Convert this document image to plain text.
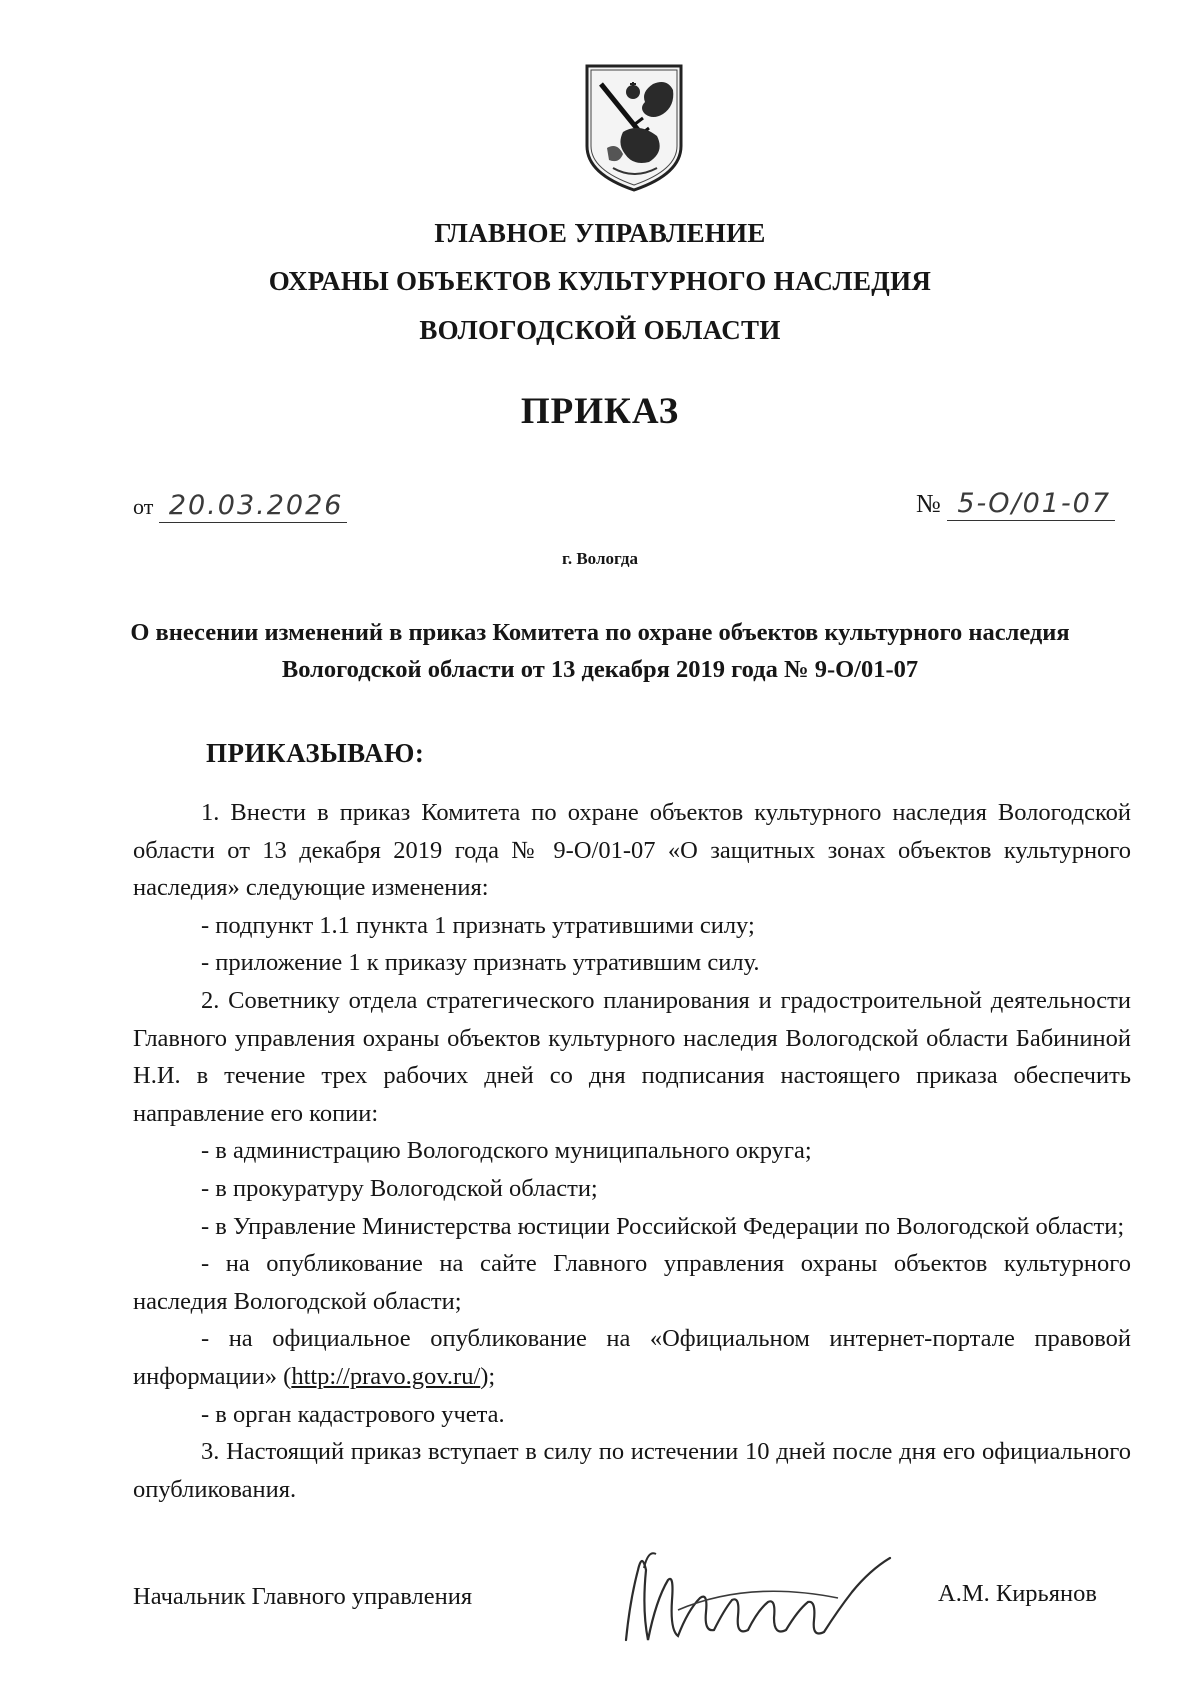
ГЛАВНОЕ УПРАВЛЕНИЕ
ОХРАНЫ ОБЪЕКТОВ КУЛЬТУРНОГО НАСЛЕДИЯ
ВОЛОГОДСКОЙ ОБЛАСТИ
ПРИКАЗ
от 20.03.2026	№ 5-О/01-07
г. Вологда
О внесении изменений в приказ Комитета по охране объектов культурного наследия Вологодской области от 13 декабря 2019 года № 9-О/01-07
ПРИКАЗЫВАЮ:

1. Внести в приказ Комитета по охране объектов культурного наследия Вологодской области от 13 декабря 2019 года № 9-О/01-07 «О защитных зонах объектов культурного наследия» следующие изменения:

- подпункт 1.1 пункта 1 признать утратившими силу;

- приложение 1 к приказу признать утратившим силу.

2. Советнику отдела стратегического планирования и градостроительной деятельности Главного управления охраны объектов культурного наследия Вологодской области Бабининой Н.И. в течение трех рабочих дней со дня подписания настоящего приказа обеспечить направление его копии:

- в администрацию Вологодского муниципального округа;

- в прокуратуру Вологодской области;

- в Управление Министерства юстиции Российской Федерации по Вологодской области;

- на опубликование на сайте Главного управления охраны объектов культурного наследия Вологодской области;

- на официальное опубликование на «Официальном интернет-портале правовой информации» (http://pravo.gov.ru/);

- в орган кадастрового учета.

3. Настоящий приказ вступает в силу по истечении 10 дней после дня его официального опубликования.

Начальник Главного управления	А.М. Кирьянов
